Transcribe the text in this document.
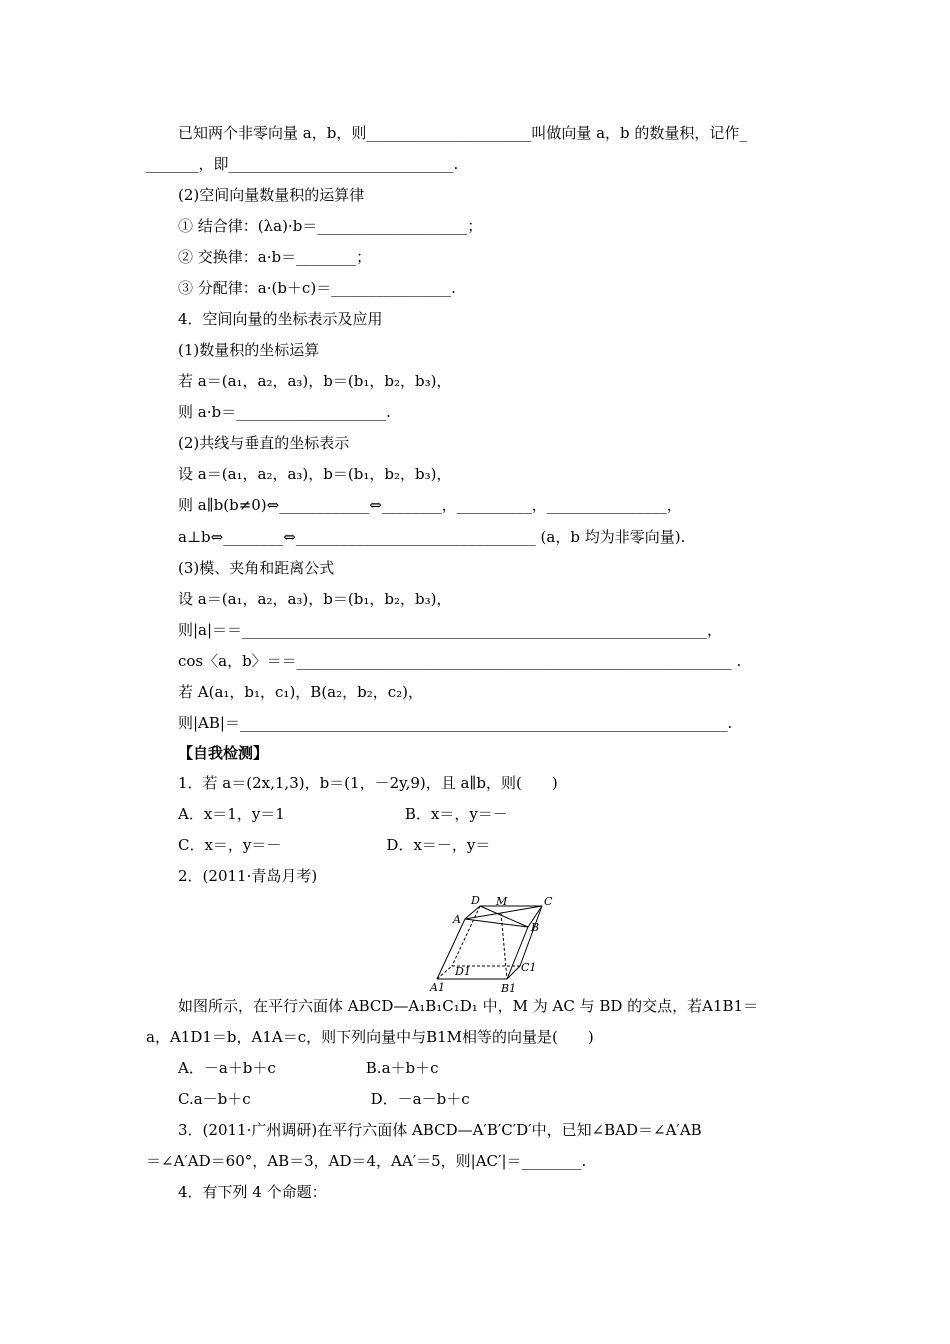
已知两个非零向量 a，b，则______________________叫做向量 a，b 的数量积，记作_
_______，即______________________________.
(2)空间向量数量积的运算律
① 结合律：(λa)·b＝____________________；
② 交换律：a·b＝________；
③ 分配律：a·(b＋c)＝________________.
4．空间向量的坐标表示及应用
(1)数量积的坐标运算
若 a＝(a₁，a₂，a₃)，b＝(b₁，b₂，b₃)，
则 a·b＝____________________.
(2)共线与垂直的坐标表示
设 a＝(a₁，a₂，a₃)，b＝(b₁，b₂，b₃)，
则 a∥b(b≠0)⇔____________⇔________，__________，________________，
a⊥b⇔________⇔________________________________ (a，b 均为非零向量).
(3)模、夹角和距离公式
设 a＝(a₁，a₂，a₃)，b＝(b₁，b₂，b₃)，
则|a|＝＝______________________________________________________________，
cos〈a，b〉＝＝__________________________________________________________ .
若 A(a₁，b₁，c₁)，B(a₂，b₂，c₂)，
则|AB|＝_________________________________________________________________.
【自我检测】
1．若 a＝(2x,1,3)，b＝(1，－2y,9)，且 a∥b，则(　　)
A．x＝1，y＝1　　　　　　　　B．x＝，y＝－
C．x＝，y＝－　　　　　　　D．x＝－，y＝
2．(2011·青岛月考)
D M	C
A
B
D1	C1
A1	B1
如图所示，在平行六面体 ABCD—A₁B₁C₁D₁ 中，M 为 AC 与 BD 的交点，若A1B1＝
a，A1D1＝b，A1A＝c，则下列向量中与B1M相等的向量是(　　)
A．－a＋b＋c　　　　　　B.a＋b＋c
C.a－b＋c　　　　　　　　D．－a－b＋c
3．(2011·广州调研)在平行六面体 ABCD—A′B′C′D′中，已知∠BAD＝∠A′AB
＝∠A′AD＝60°，AB＝3，AD＝4，AA′＝5，则|AC′|＝________.
4．有下列 4 个命题：
